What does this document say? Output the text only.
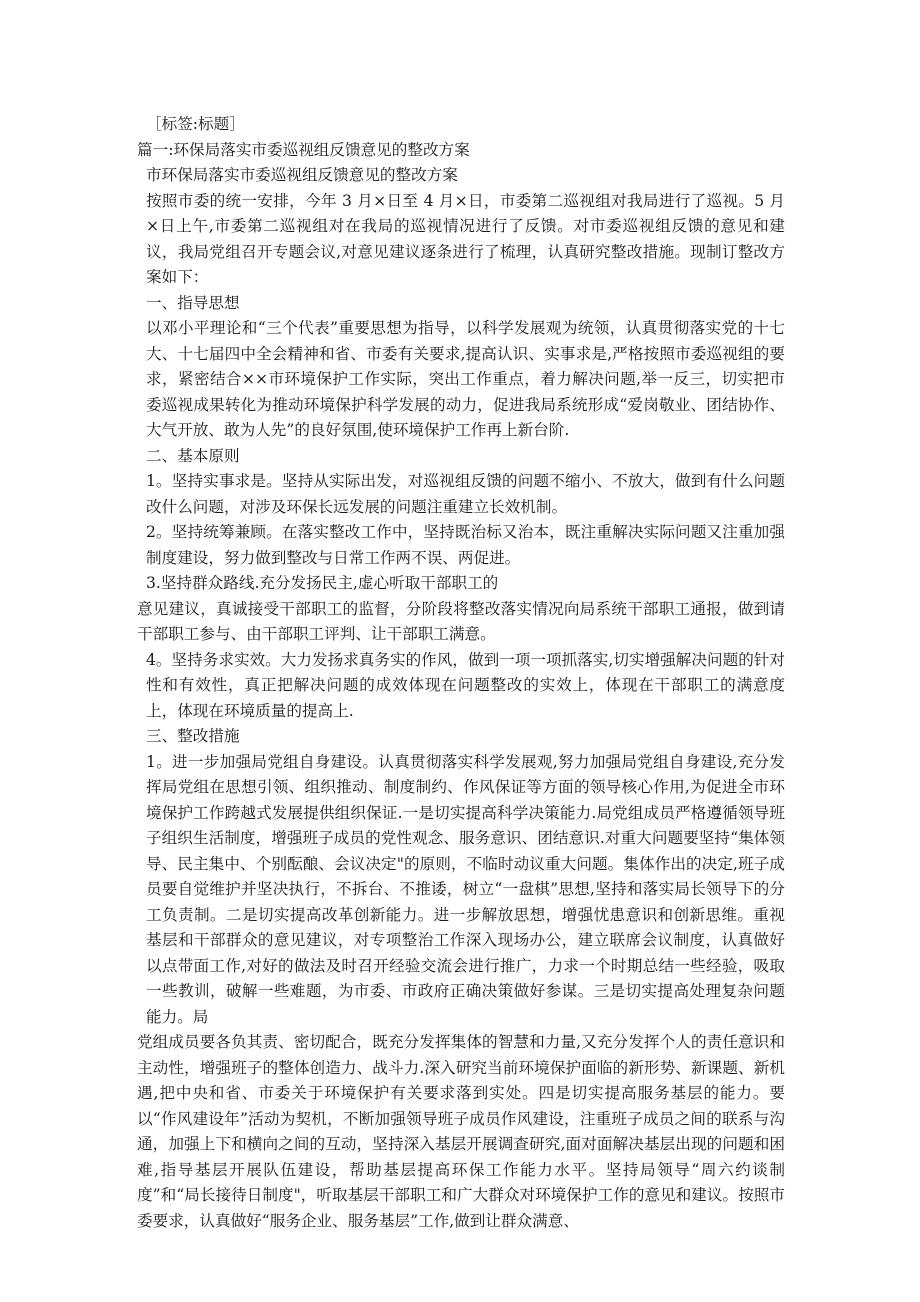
［标签:标题］
篇一:环保局落实市委巡视组反馈意见的整改方案
市环保局落实市委巡视组反馈意见的整改方案
按照市委的统一安排，今年 3 月×日至 4 月×日，市委第二巡视组对我局进行了巡视。5 月×日上午,市委第二巡视组对在我局的巡视情况进行了反馈。对市委巡视组反馈的意见和建议，我局党组召开专题会议,对意见建议逐条进行了梳理，认真研究整改措施。现制订整改方案如下：
一、指导思想
以邓小平理论和“三个代表”重要思想为指导，以科学发展观为统领，认真贯彻落实党的十七大、十七届四中全会精神和省、市委有关要求,提高认识、实事求是,严格按照市委巡视组的要求，紧密结合××市环境保护工作实际，突出工作重点，着力解决问题,举一反三，切实把市委巡视成果转化为推动环境保护科学发展的动力，促进我局系统形成“爱岗敬业、团结协作、大气开放、敢为人先”的良好氛围,使环境保护工作再上新台阶.
二、基本原则
1。坚持实事求是。坚持从实际出发，对巡视组反馈的问题不缩小、不放大，做到有什么问题改什么问题，对涉及环保长远发展的问题注重建立长效机制。
2。坚持统筹兼顾。在落实整改工作中，坚持既治标又治本，既注重解决实际问题又注重加强制度建设，努力做到整改与日常工作两不误、两促进。
3.坚持群众路线.充分发扬民主,虚心听取干部职工的
意见建议，真诚接受干部职工的监督，分阶段将整改落实情况向局系统干部职工通报，做到请干部职工参与、由干部职工评判、让干部职工满意。
4。坚持务求实效。大力发扬求真务实的作风，做到一项一项抓落实,切实增强解决问题的针对性和有效性，真正把解决问题的成效体现在问题整改的实效上，体现在干部职工的满意度上，体现在环境质量的提高上.
三、整改措施
1。进一步加强局党组自身建设。认真贯彻落实科学发展观,努力加强局党组自身建设,充分发挥局党组在思想引领、组织推动、制度制约、作风保证等方面的领导核心作用,为促进全市环境保护工作跨越式发展提供组织保证.一是切实提高科学决策能力.局党组成员严格遵循领导班子组织生活制度，增强班子成员的党性观念、服务意识、团结意识.对重大问题要坚持“集体领导、民主集中、个别酝酿、会议决定"的原则，不临时动议重大问题。集体作出的决定,班子成员要自觉维护并坚决执行，不拆台、不推诿，树立“一盘棋”思想,坚持和落实局长领导下的分工负责制。二是切实提高改革创新能力。进一步解放思想，增强忧患意识和创新思维。重视基层和干部群众的意见建议，对专项整治工作深入现场办公，建立联席会议制度，认真做好以点带面工作,对好的做法及时召开经验交流会进行推广，力求一个时期总结一些经验，吸取一些教训，破解一些难题，为市委、市政府正确决策做好参谋。三是切实提高处理复杂问题能力。局
党组成员要各负其责、密切配合，既充分发挥集体的智慧和力量,又充分发挥个人的责任意识和主动性，增强班子的整体创造力、战斗力.深入研究当前环境保护面临的新形势、新课题、新机遇,把中央和省、市委关于环境保护有关要求落到实处。四是切实提高服务基层的能力。要以“作风建设年”活动为契机，不断加强领导班子成员作风建设，注重班子成员之间的联系与沟通，加强上下和横向之间的互动，坚持深入基层开展调查研究,面对面解决基层出现的问题和困难,指导基层开展队伍建设，帮助基层提高环保工作能力水平。坚持局领导“周六约谈制度”和“局长接待日制度"，听取基层干部职工和广大群众对环境保护工作的意见和建议。按照市委要求，认真做好“服务企业、服务基层”工作,做到让群众满意、
